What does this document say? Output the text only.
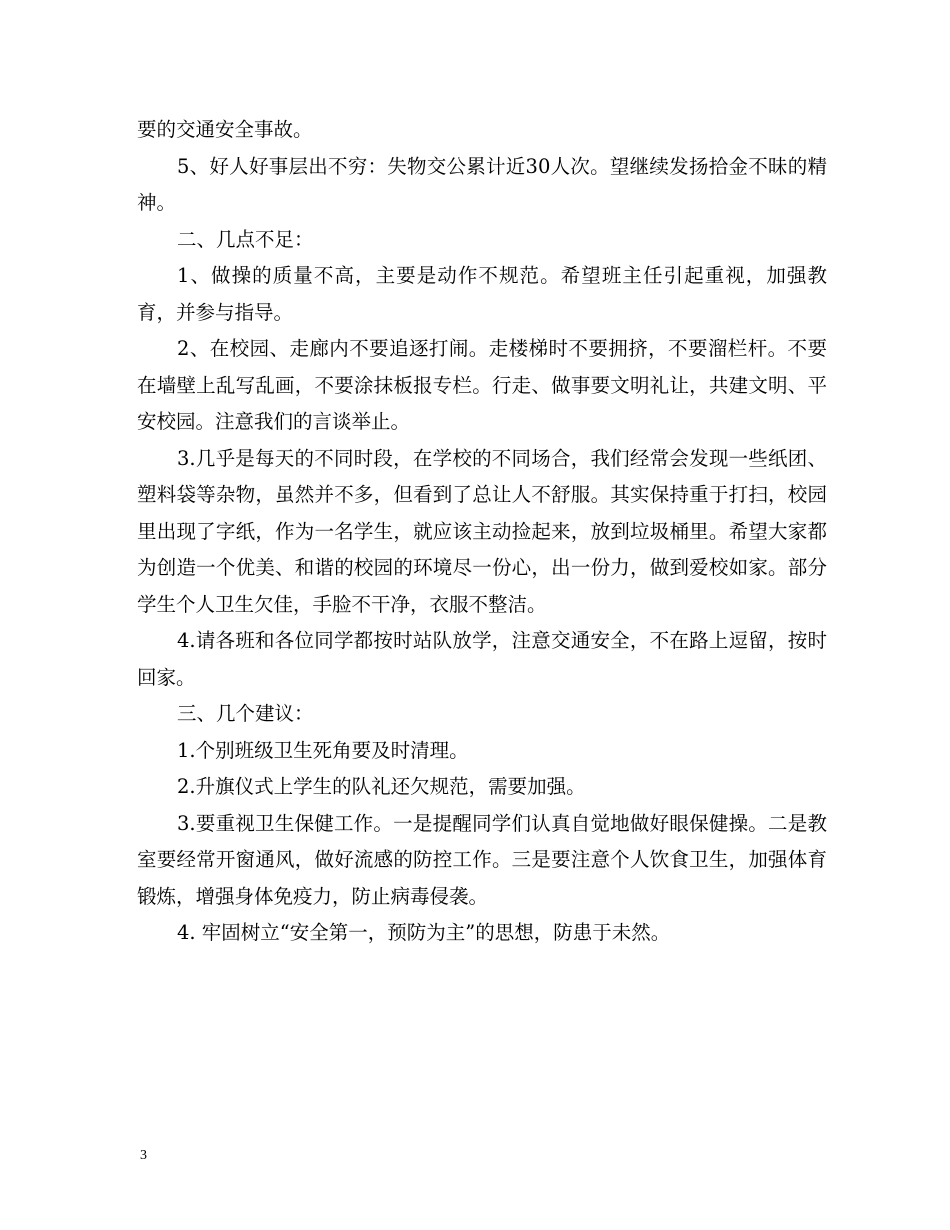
要的交通安全事故。

5、好人好事层出不穷：失物交公累计近30人次。望继续发扬拾金不昧的精神。

二、几点不足：

1、做操的质量不高，主要是动作不规范。希望班主任引起重视，加强教育，并参与指导。

2、在校园、走廊内不要追逐打闹。走楼梯时不要拥挤，不要溜栏杆。不要在墙壁上乱写乱画，不要涂抹板报专栏。行走、做事要文明礼让，共建文明、平安校园。注意我们的言谈举止。

3.几乎是每天的不同时段，在学校的不同场合，我们经常会发现一些纸团、塑料袋等杂物，虽然并不多，但看到了总让人不舒服。其实保持重于打扫，校园里出现了字纸，作为一名学生，就应该主动捡起来，放到垃圾桶里。希望大家都为创造一个优美、和谐的校园的环境尽一份心，出一份力，做到爱校如家。部分学生个人卫生欠佳，手脸不干净，衣服不整洁。

4.请各班和各位同学都按时站队放学，注意交通安全，不在路上逗留，按时回家。

三、几个建议：

1.个别班级卫生死角要及时清理。

2.升旗仪式上学生的队礼还欠规范，需要加强。

3.要重视卫生保健工作。一是提醒同学们认真自觉地做好眼保健操。二是教室要经常开窗通风，做好流感的防控工作。三是要注意个人饮食卫生，加强体育锻炼，增强身体免疫力，防止病毒侵袭。

4. 牢固树立“安全第一，预防为主”的思想，防患于未然。

3
